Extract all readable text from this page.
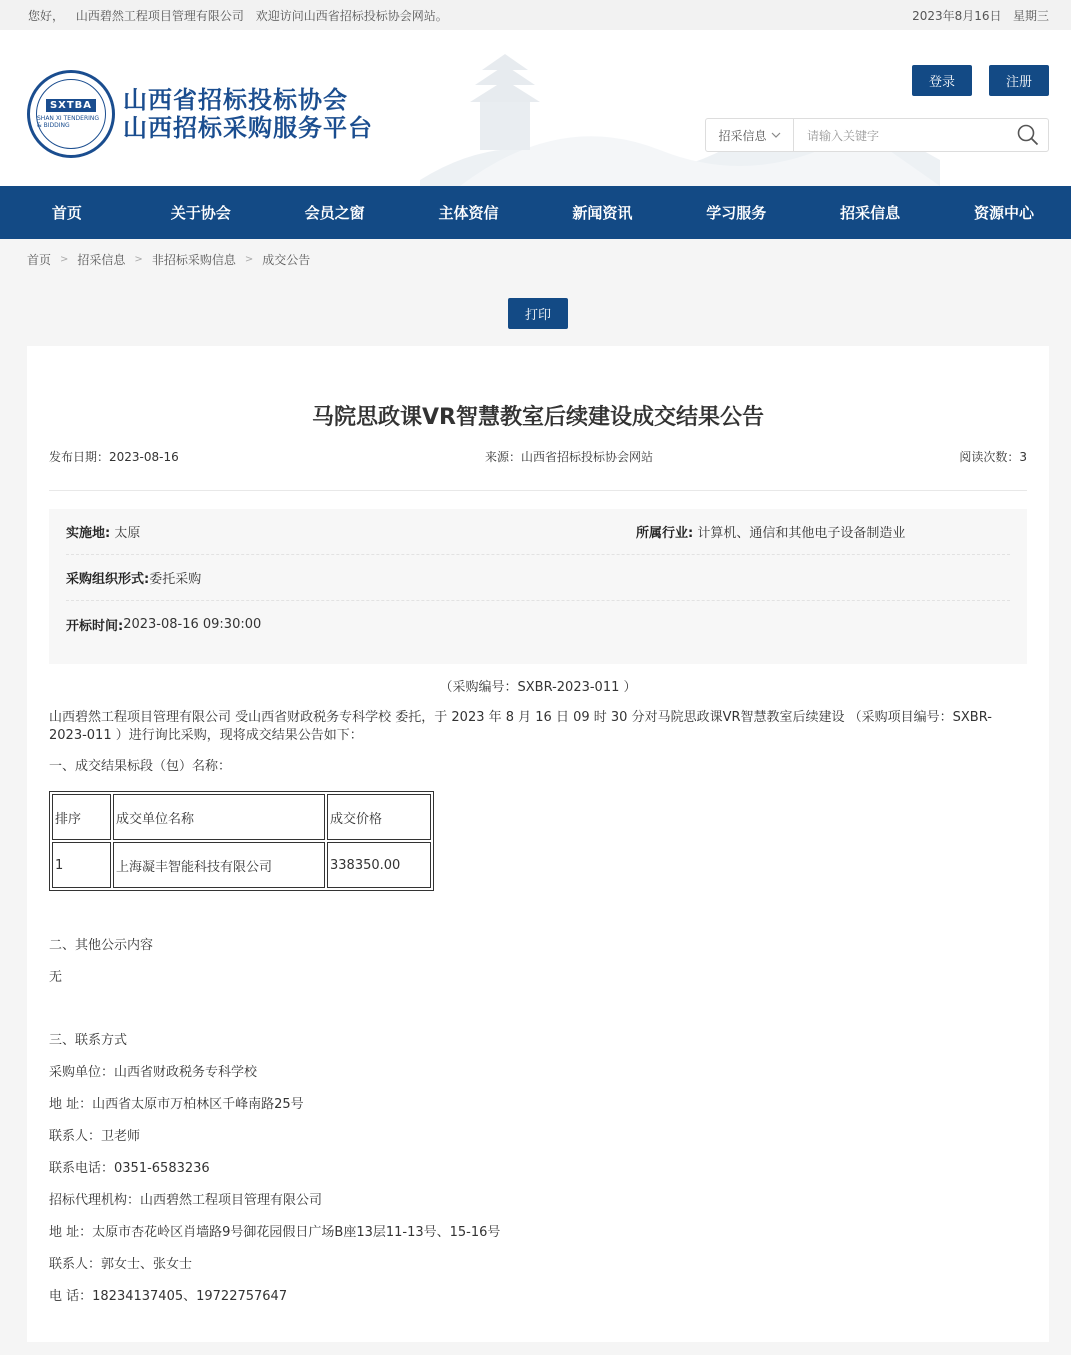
您好， 山西碧然工程项目管理有限公司 欢迎访问山西省招标投标协会网站。	2023年8月16日 星期三
SXTBA
SHAN XI TENDERING & BIDDING
山西省招标投标协会
山西招标采购服务平台
登录	注册
招采信息	请输入关键字
首页	关于协会	会员之窗	主体资信	新闻资讯	学习服务	招采信息	资源中心
首页 > 招采信息 > 非招标采购信息 > 成交公告
打印
马院思政课VR智慧教室后续建设成交结果公告
发布日期：2023-08-16	来源：山西省招标投标协会网站	阅读次数：3
实施地: 太原	所属行业: 计算机、通信和其他电子设备制造业
采购组织形式: 委托采购
开标时间: 2023-08-16 09:30:00
（采购编号：SXBR-2023-011 ）
山西碧然工程项目管理有限公司 受山西省财政税务专科学校 委托，于 2023 年 8 月 16 日 09 时 30 分对马院思政课VR智慧教室后续建设 （采购项目编号：SXBR-2023-011 ）进行询比采购，现将成交结果公告如下：
一、成交结果标段（包）名称：
排序	成交单位名称	成交价格
1	上海凝丰智能科技有限公司	338350.00
二、其他公示内容
无
三、联系方式
采购单位：山西省财政税务专科学校
地 址：山西省太原市万柏林区千峰南路25号
联系人：卫老师
联系电话：0351-6583236
招标代理机构：山西碧然工程项目管理有限公司
地 址：太原市杏花岭区肖墙路9号御花园假日广场B座13层11-13号、15-16号
联系人：郭女士、张女士
电 话：18234137405、19722757647
